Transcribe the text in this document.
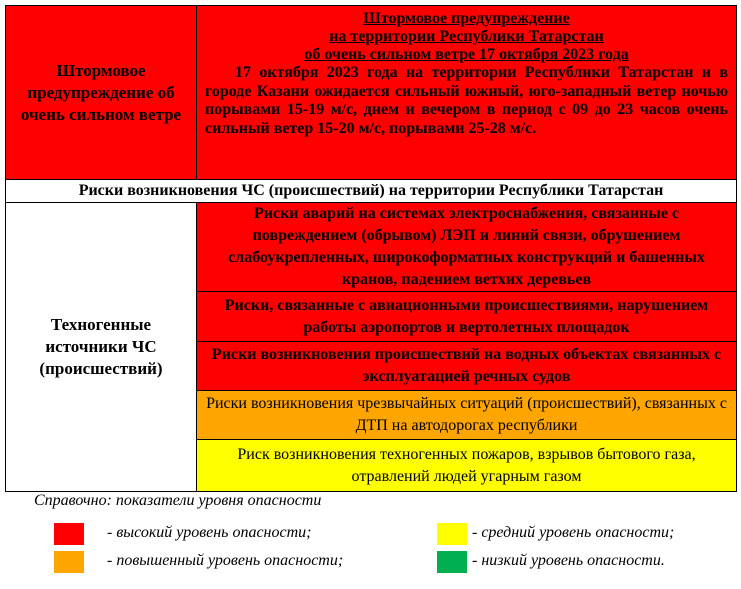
Штормовое предупреждение об очень сильном ветре	Штормовое предупреждение
на территории Республики Татарстан
об очень сильном ветре 17 октября 2023 года
17 октября 2023 года на территории Республики Татарстан и в городе Казани ожидается сильный южный, юго-западный ветер ночью порывами 15-19 м/с, днем и вечером в период с 09 до 23 часов очень сильный ветер 15-20 м/с, порывами 25-28 м/с.

Риски возникновения ЧС (происшествий) на территории Республики Татарстан	
Техногенные источники ЧС (происшествий)	Риски аварий на системах электроснабжения, связанные с повреждением (обрывом) ЛЭП и линий связи, обрушением слабоукрепленных, широкоформатных конструкций и башенных кранов, падением ветхих деревьев
	Риски, связанные с авиационными происшествиями, нарушением работы аэропортов и вертолетных площадок
	Риски возникновения происшествий на водных объектах связанных с эксплуатацией речных судов
	Риски возникновения чрезвычайных ситуаций (происшествий), связанных с ДТП на автодорогах республики
	Риск возникновения техногенных пожаров, взрывов бытового газа, отравлений людей угарным газом
Справочно: показатели уровня опасности
- высокий уровень опасности;
- повышенный уровень опасности;
- средний уровень опасности;
- низкий уровень опасности.
